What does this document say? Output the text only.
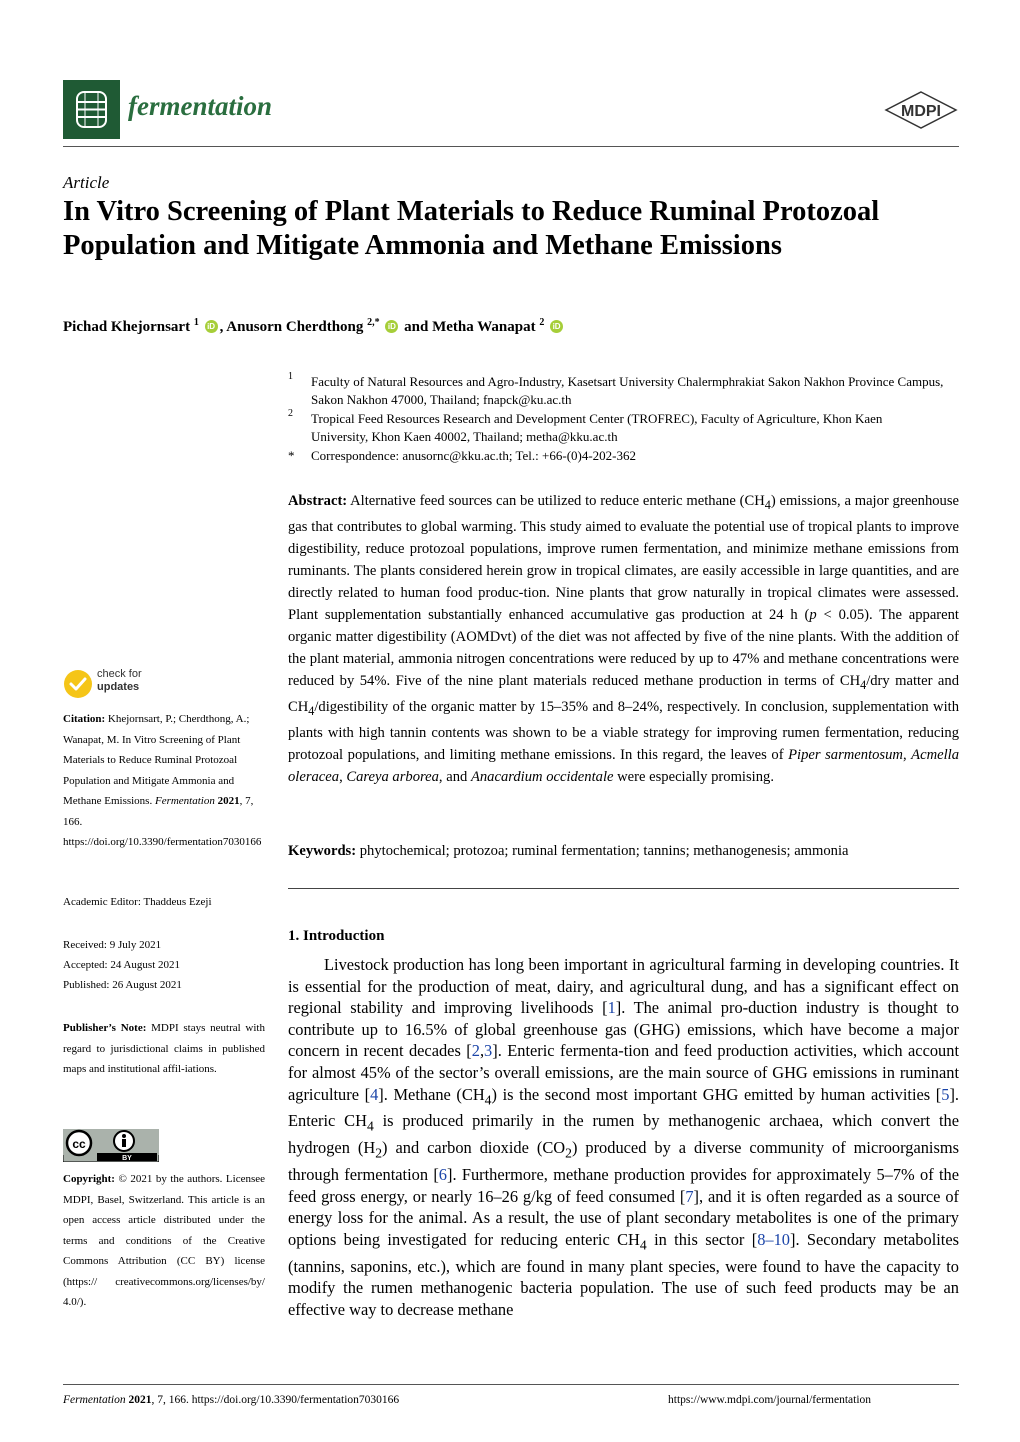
fermentation	MDPI
Article
In Vitro Screening of Plant Materials to Reduce Ruminal Protozoal Population and Mitigate Ammonia and Methane Emissions
Pichad Khejornsart $^1$ iD , Anusorn Cherdthong $^{2,*}$ iD and Metha Wanapat $^2$ iD
1 Faculty of Natural Resources and Agro-Industry, Kasetsart University Chalermphrakiat Sakon Nakhon Province Campus, Sakon Nakhon 47000, Thailand; fnapck@ku.ac.th
2 Tropical Feed Resources Research and Development Center (TROFREC), Faculty of Agriculture, Khon Kaen University, Khon Kaen 40002, Thailand; metha@kku.ac.th
* Correspondence: anusornc@kku.ac.th; Tel.: +66-(0)4-202-362
Abstract: Alternative feed sources can be utilized to reduce enteric methane $(CH_4)$ emissions, a major greenhouse gas that contributes to global warming. This study aimed to evaluate the potential use of tropical plants to improve digestibility, reduce protozoal populations, improve rumen fermentation, and minimize methane emissions from ruminants. The plants considered herein grow in tropical climates, are easily accessible in large quantities, and are directly related to human food produc-tion. Nine plants that grow naturally in tropical climates were assessed. Plant supplementation substantially enhanced accumulative gas production at 24 h (p < 0.05). The apparent organic matter digestibility (AOMDvt) of the diet was not affected by five of the nine plants. With the addition of the plant material, ammonia nitrogen concentrations were reduced by up to 47% and methane concentrations were reduced by 54%. Five of the nine plant materials reduced methane production in terms of $CH_4$/dry matter and $CH_4$/digestibility of the organic matter by 15–35% and 8–24%, respectively. In conclusion, supplementation with plants with high tannin contents was shown to be a viable strategy for improving rumen fermentation, reducing protozoal populations, and limiting methane emissions. In this regard, the leaves of Piper sarmentosum, Acmella oleracea, Careya arborea, and Anacardium occidentale were especially promising.
Keywords: phytochemical; protozoa; ruminal fermentation; tannins; methanogenesis; ammonia
1. Introduction
Livestock production has long been important in agricultural farming in developing countries. It is essential for the production of meat, dairy, and agricultural dung, and has a significant effect on regional stability and improving livelihoods [1]. The animal pro-duction industry is thought to contribute up to 16.5% of global greenhouse gas (GHG) emissions, which have become a major concern in recent decades [2,3]. Enteric fermenta-tion and feed production activities, which account for almost 45% of the sector’s overall emissions, are the main source of GHG emissions in ruminant agriculture [4]. Methane $(CH_4)$ is the second most important GHG emitted by human activities [5]. Enteric $CH_4$ is produced primarily in the rumen by methanogenic archaea, which convert the hydrogen $(H_2)$ and carbon dioxide $(CO_2)$ produced by a diverse community of microorganisms through fermentation [6]. Furthermore, methane production provides for approximately 5–7% of the feed gross energy, or nearly 16–26 g/kg of feed consumed [7], and it is often regarded as a source of energy loss for the animal. As a result, the use of plant secondary metabolites is one of the primary options being investigated for reducing enteric $CH_4$ in this sector [8–10]. Secondary metabolites (tannins, saponins, etc.), which are found in many plant species, were found to have the capacity to modify the rumen methanogenic bacteria population. The use of such feed products may be an effective way to decrease methane
check for
updates
Citation: Khejornsart, P.; Cherdthong, A.; Wanapat, M. In Vitro Screening of Plant Materials to Reduce Ruminal Protozoal Population and Mitigate Ammonia and Methane Emissions. Fermentation 2021, 7, 166. https://doi.org/10.3390/fermentation7030166
Academic Editor: Thaddeus Ezeji
Received: 9 July 2021
Accepted: 24 August 2021
Published: 26 August 2021
Publisher’s Note: MDPI stays neutral with regard to jurisdictional claims in published maps and institutional affil-iations.
cc
BY
Copyright: © 2021 by the authors. Licensee MDPI, Basel, Switzerland. This article is an open access article distributed under the terms and conditions of the Creative Commons Attribution (CC BY) license (https:// creativecommons.org/licenses/by/ 4.0/).
Fermentation 2021, 7, 166. https://doi.org/10.3390/fermentation7030166	https://www.mdpi.com/journal/fermentation
